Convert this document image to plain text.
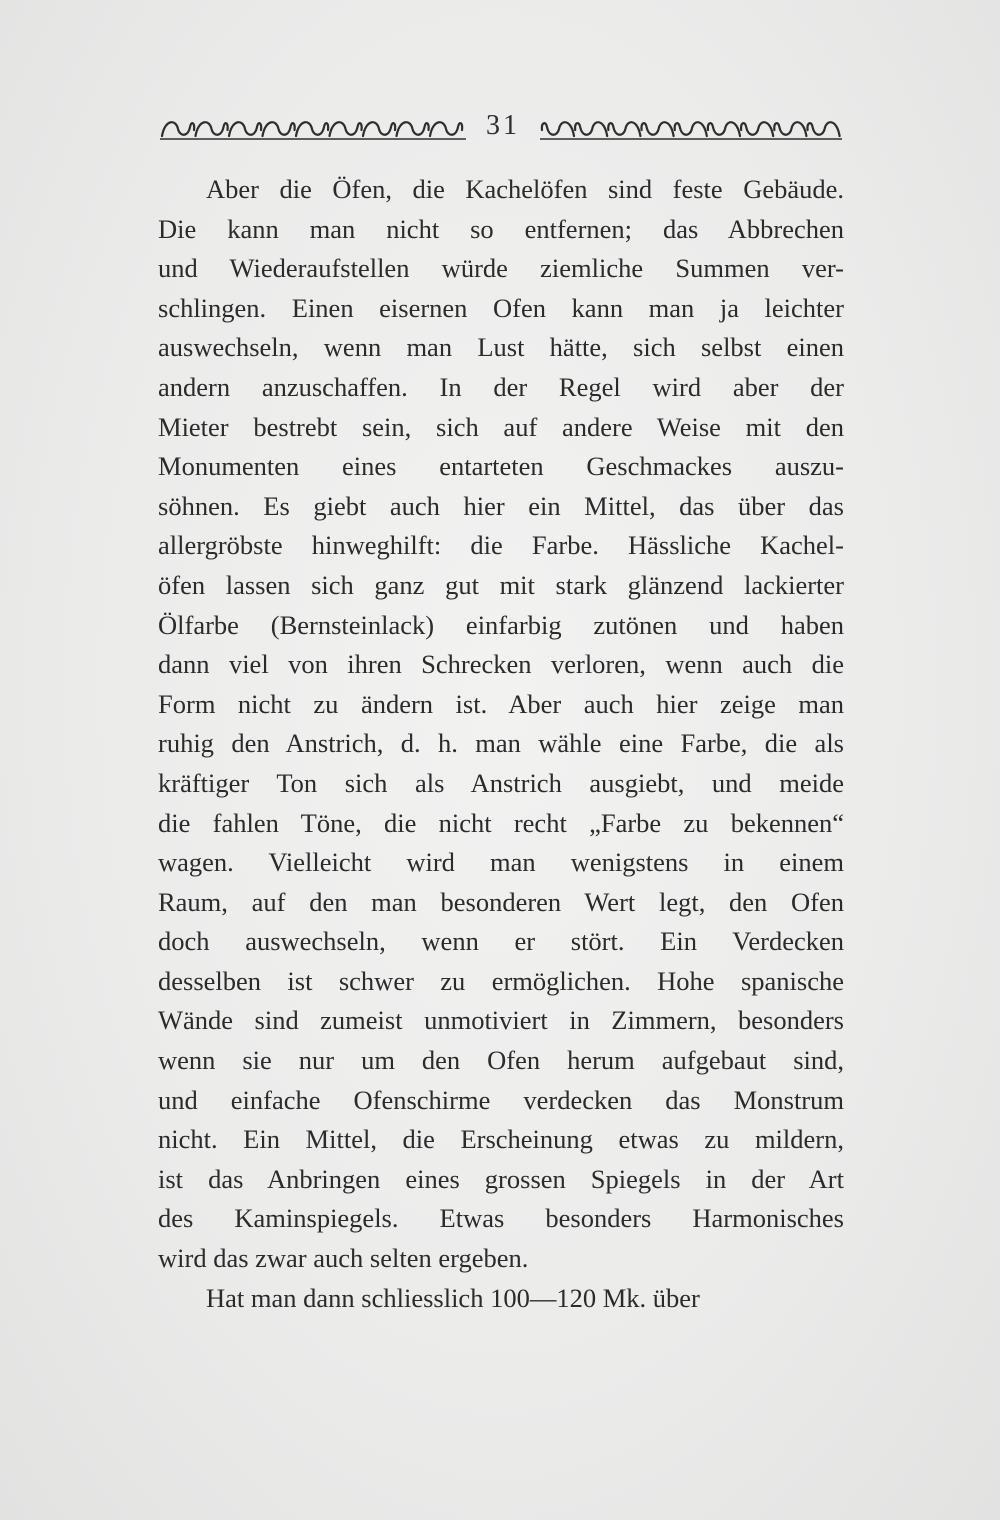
31
Aber die Öfen, die Kachelöfen sind feste Gebäude.
Die kann man nicht so entfernen; das Abbrechen
und Wiederaufstellen würde ziemliche Summen ver-
schlingen. Einen eisernen Ofen kann man ja leichter
auswechseln, wenn man Lust hätte, sich selbst einen
andern anzuschaffen. In der Regel wird aber der
Mieter bestrebt sein, sich auf andere Weise mit den
Monumenten eines entarteten Geschmackes auszu-
söhnen. Es giebt auch hier ein Mittel, das über das
allergröbste hinweghilft: die Farbe. Hässliche Kachel-
öfen lassen sich ganz gut mit stark glänzend lackierter
Ölfarbe (Bernsteinlack) einfarbig zutönen und haben
dann viel von ihren Schrecken verloren, wenn auch die
Form nicht zu ändern ist. Aber auch hier zeige man
ruhig den Anstrich, d. h. man wähle eine Farbe, die als
kräftiger Ton sich als Anstrich ausgiebt, und meide
die fahlen Töne, die nicht recht „Farbe zu bekennen“
wagen. Vielleicht wird man wenigstens in einem
Raum, auf den man besonderen Wert legt, den Ofen
doch auswechseln, wenn er stört. Ein Verdecken
desselben ist schwer zu ermöglichen. Hohe spanische
Wände sind zumeist unmotiviert in Zimmern, besonders
wenn sie nur um den Ofen herum aufgebaut sind,
und einfache Ofenschirme verdecken das Monstrum
nicht. Ein Mittel, die Erscheinung etwas zu mildern,
ist das Anbringen eines grossen Spiegels in der Art
des Kaminspiegels. Etwas besonders Harmonisches
wird das zwar auch selten ergeben.
Hat man dann schliesslich 100—120 Mk. über
